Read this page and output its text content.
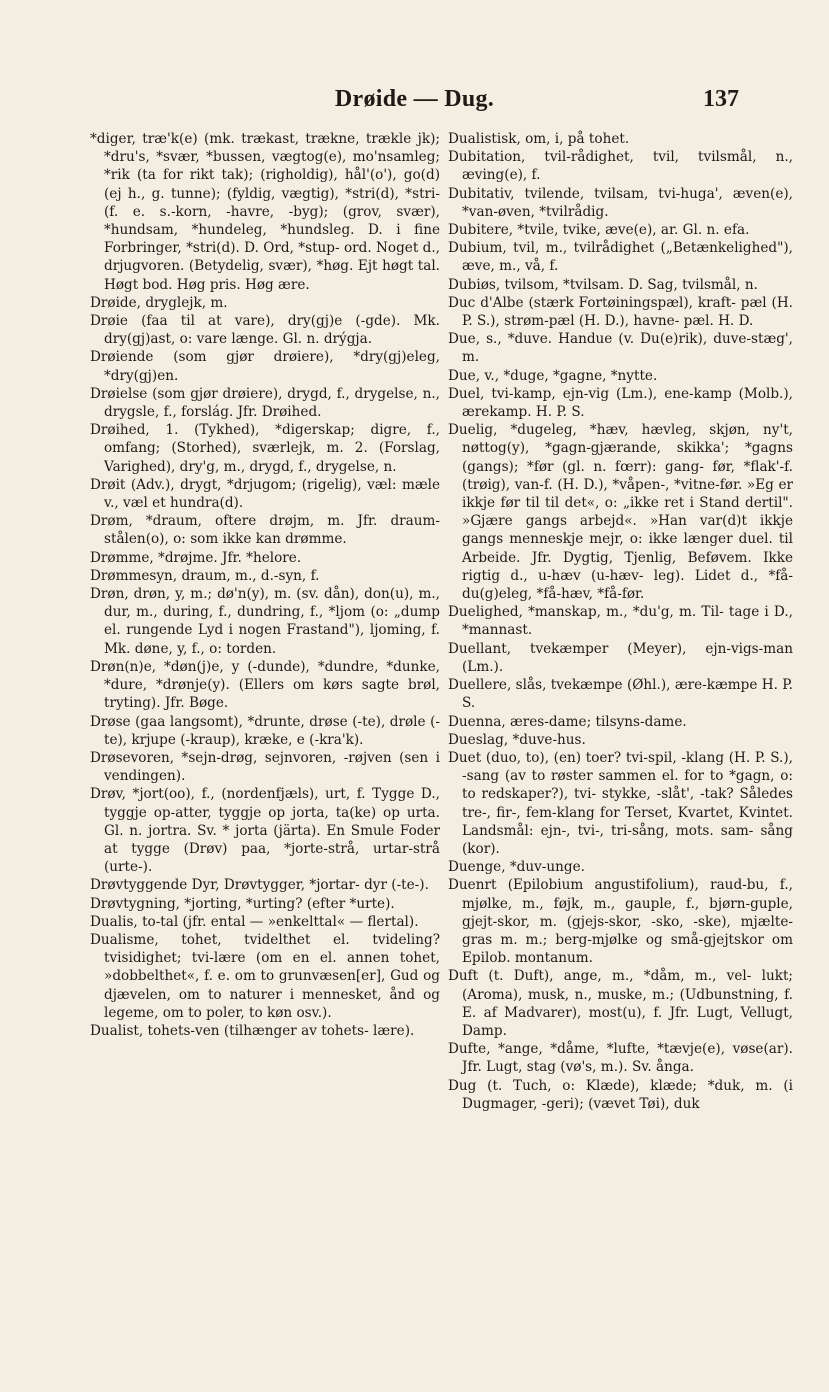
Drøide — Dug.	137

*diger, træ'k(e) (mk. trækast, trækne, trækle jk); *dru's, *svær, *bussen, vægtog(e), mo'nsamleg; *rik (ta for rikt tak); (righoldig), hål'(o'), go(d) (ej h., g. tunne); (fyldig, vægtig), *stri(d), *stri- (f. e. s.-korn, -havre, -byg); (grov, svær), *hundsam, *hundeleg, *hundsleg. D. i fine Forbringer, *stri(d). D. Ord, *stup- ord. Noget d., drjugvoren. (Betydelig, svær), *høg. Ejt høgt tal. Høgt bod. Høg pris. Høg ære.

Drøide, dryglejk, m.

Drøie (faa til at vare), dry(gj)e (-gde). Mk. dry(gj)ast, o: vare længe. Gl. n. drýgja.

Drøiende (som gjør drøiere), *dry(gj)eleg, *dry(gj)en.

Drøielse (som gjør drøiere), drygd, f., drygelse, n., drygsle, f., forslág. Jfr. Drøihed.

Drøihed, 1. (Tykhed), *digerskap; digre, f., omfang; (Storhed), sværlejk, m. 2. (Forslag, Varighed), dry'g, m., drygd, f., drygelse, n.

Drøit (Adv.), drygt, *drjugom; (rigelig), væl: mæle v., væl et hundra(d).

Drøm, *draum, oftere drøjm, m. Jfr. draum-stålen(o), o: som ikke kan drømme.

Drømme, *drøjme. Jfr. *helore.

Drømmesyn, draum, m., d.-syn, f.

Drøn, drøn, y, m.; dø'n(y), m. (sv. dån), don(u), m., dur, m., during, f., dundring, f., *ljom (o: „dump el. rungende Lyd i nogen Frastand"), ljoming, f. Mk. døne, y, f., o: torden.

Drøn(n)e, *døn(j)e, y (-dunde), *dundre, *dunke, *dure, *drønje(y). (Ellers om kørs sagte brøl, tryting). Jfr. Bøge.

Drøse (gaa langsomt), *drunte, drøse (-te), drøle (-te), krjupe (-kraup), kræke, e (-kra'k).

Drøsevoren, *sejn-drøg, sejnvoren, -røjven (sen i vendingen).

Drøv, *jort(oo), f., (nordenfjæls), urt, f. Tygge D., tyggje op-atter, tyggje op jorta, ta(ke) op urta. Gl. n. jortra. Sv. * jorta (järta). En Smule Foder at tygge (Drøv) paa, *jorte-strå, urtar-strå (urte-).

Drøvtyggende Dyr, Drøvtygger, *jortar- dyr (-te-).

Drøvtygning, *jorting, *urting? (efter *urte).

Dualis, to-tal (jfr. ental — »enkelttal« — flertal).

Dualisme, tohet, tvidelthet el. tvideling? tvisidighet; tvi-lære (om en el. annen tohet, »dobbelthet«, f. e. om to grunvæsen[er], Gud og djævelen, om to naturer i mennesket, ånd og legeme, om to poler, to køn osv.).

Dualist, tohets-ven (tilhænger av tohets- lære).

Dualistisk, om, i, på tohet.

Dubitation, tvil-rådighet, tvil, tvilsmål, n., æving(e), f.

Dubitativ, tvilende, tvilsam, tvi-huga', æven(e), *van-øven, *tvilrådig.

Dubitere, *tvile, tvike, æve(e), ar. Gl. n. efa.

Dubium, tvil, m., tvilrådighet („Betænkelighed"), æve, m., vå, f.

Dubiøs, tvilsom, *tvilsam. D. Sag, tvilsmål, n.

Duc d'Albe (stærk Fortøiningspæl), kraft- pæl (H. P. S.), strøm-pæl (H. D.), havne- pæl. H. D.

Due, s., *duve. Handue (v. Du(e)rik), duve-stæg', m.

Due, v., *duge, *gagne, *nytte.

Duel, tvi-kamp, ejn-vig (Lm.), ene-kamp (Molb.), ærekamp. H. P. S.

Duelig, *dugeleg, *hæv, hævleg, skjøn, ny't, nøttog(y), *gagn-gjærande, skikka'; *gagns (gangs); *før (gl. n. fœrr): gang- før, *flak'-f. (trøig), van-f. (H. D.), *våpen-, *vitne-før. »Eg er ikkje før til til det«, o: „ikke ret i Stand dertil". »Gjære gangs arbejd«. »Han var(d)t ikkje gangs menneskje mejr, o: ikke længer duel. til Arbeide. Jfr. Dygtig, Tjenlig, Beføvem. Ikke rigtig d., u-hæv (u-hæv- leg). Lidet d., *få-du(g)eleg, *få-hæv, *få-før.

Duelighed, *manskap, m., *du'g, m. Til- tage i D., *mannast.

Duellant, tvekæmper (Meyer), ejn-vigs-man (Lm.).

Duellere, slås, tvekæmpe (Øhl.), ære-kæmpe H. P. S.

Duenna, æres-dame; tilsyns-dame.

Dueslag, *duve-hus.

Duet (duo, to), (en) toer? tvi-spil, -klang (H. P. S.), -sang (av to røster sammen el. for to *gagn, o: to redskaper?), tvi- stykke, -slåt', -tak? Således tre-, fir-, fem-klang for Terset, Kvartet, Kvintet. Landsmål: ejn-, tvi-, tri-sång, mots. sam- sång (kor).

Duenge, *duv-unge.

Duenrt (Epilobium angustifolium), raud-bu, f., mjølke, m., føjk, m., gauple, f., bjørn-guple, gjejt-skor, m. (gjejs-skor, -sko, -ske), mjælte-gras m. m.; berg-mjølke og små-gjejtskor om Epilob. montanum.

Duft (t. Duft), ange, m., *dåm, m., vel- lukt; (Aroma), musk, n., muske, m.; (Udbunstning, f. E. af Madvarer), most(u), f. Jfr. Lugt, Vellugt, Damp.

Dufte, *ange, *dåme, *lufte, *tævje(e), vøse(ar). Jfr. Lugt, stag (vø's, m.). Sv. ånga.

Dug (t. Tuch, o: Klæde), klæde; *duk, m. (i Dugmager, -geri); (vævet Tøi), duk
